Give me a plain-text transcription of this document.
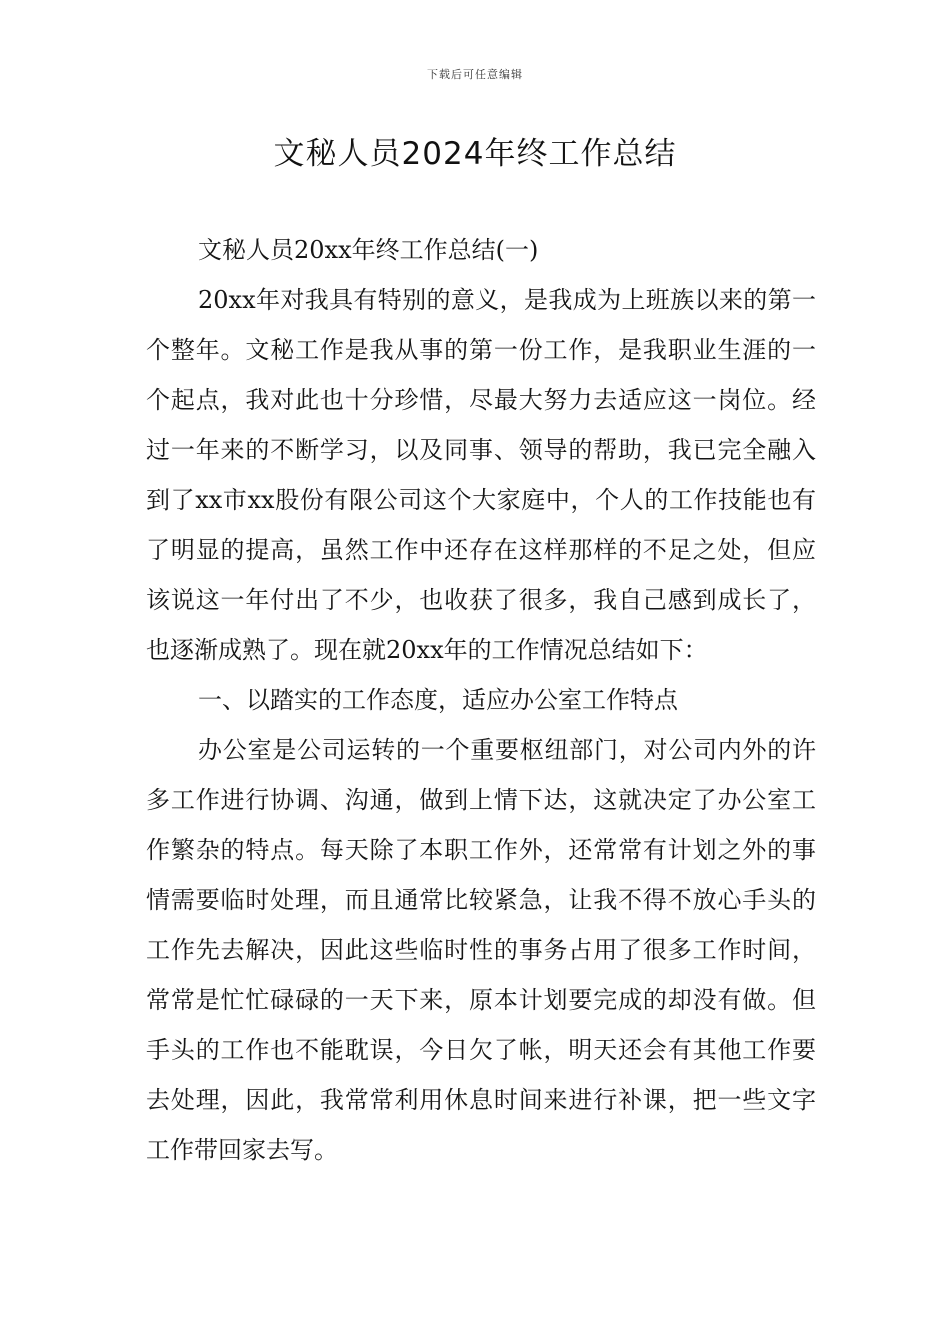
下载后可任意编辑
文秘人员2024年终工作总结

文秘人员20xx年终工作总结(一)

20xx年对我具有特别的意义，是我成为上班族以来的第一个整年。文秘工作是我从事的第一份工作，是我职业生涯的一个起点，我对此也十分珍惜，尽最大努力去适应这一岗位。经过一年来的不断学习，以及同事、领导的帮助，我已完全融入到了xx市xx股份有限公司这个大家庭中，个人的工作技能也有了明显的提高，虽然工作中还存在这样那样的不足之处，但应该说这一年付出了不少，也收获了很多，我自己感到成长了，也逐渐成熟了。现在就20xx年的工作情况总结如下：

一、以踏实的工作态度，适应办公室工作特点

办公室是公司运转的一个重要枢纽部门，对公司内外的许多工作进行协调、沟通，做到上情下达，这就决定了办公室工作繁杂的特点。每天除了本职工作外，还常常有计划之外的事情需要临时处理，而且通常比较紧急，让我不得不放心手头的工作先去解决，因此这些临时性的事务占用了很多工作时间，常常是忙忙碌碌的一天下来，原本计划要完成的却没有做。但手头的工作也不能耽误，今日欠了帐，明天还会有其他工作要去处理，因此，我常常利用休息时间来进行补课，把一些文字工作带回家去写。
